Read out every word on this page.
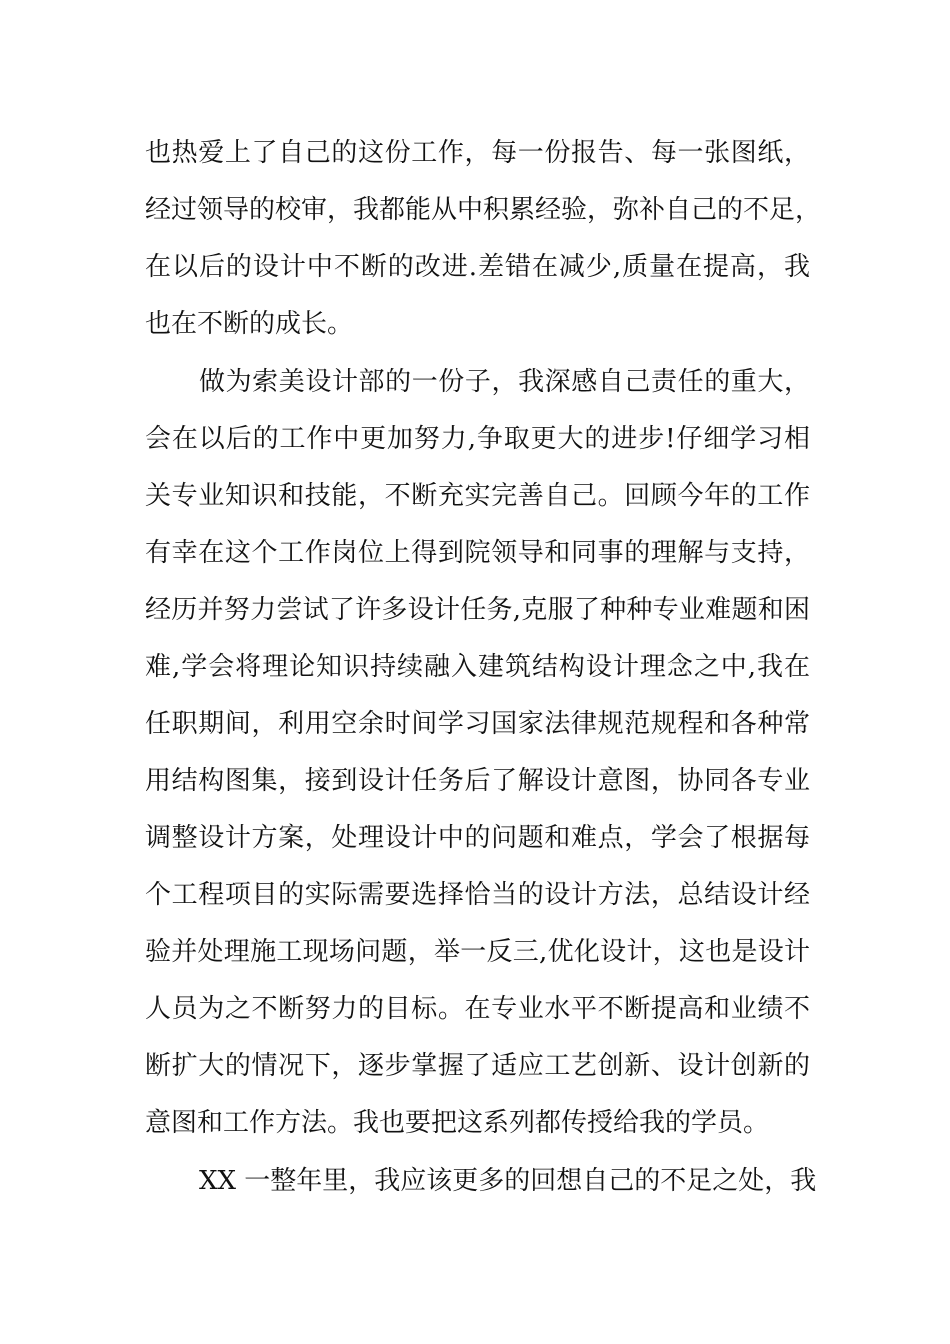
也热爱上了自己的这份工作，每一份报告、每一张图纸，
经过领导的校审，我都能从中积累经验，弥补自己的不足，
在以后的设计中不断的改进.差错在减少,质量在提高，我
也在不断的成长。
做为索美设计部的一份子，我深感自己责任的重大，
会在以后的工作中更加努力,争取更大的进步!仔细学习相
关专业知识和技能，不断充实完善自己。回顾今年的工作
有幸在这个工作岗位上得到院领导和同事的理解与支持，
经历并努力尝试了许多设计任务,克服了种种专业难题和困
难,学会将理论知识持续融入建筑结构设计理念之中,我在
任职期间，利用空余时间学习国家法律规范规程和各种常
用结构图集，接到设计任务后了解设计意图，协同各专业
调整设计方案，处理设计中的问题和难点，学会了根据每
个工程项目的实际需要选择恰当的设计方法，总结设计经
验并处理施工现场问题，举一反三,优化设计，这也是设计
人员为之不断努力的目标。在专业水平不断提高和业绩不
断扩大的情况下，逐步掌握了适应工艺创新、设计创新的
意图和工作方法。我也要把这系列都传授给我的学员。
XX 一整年里，我应该更多的回想自己的不足之处，我
